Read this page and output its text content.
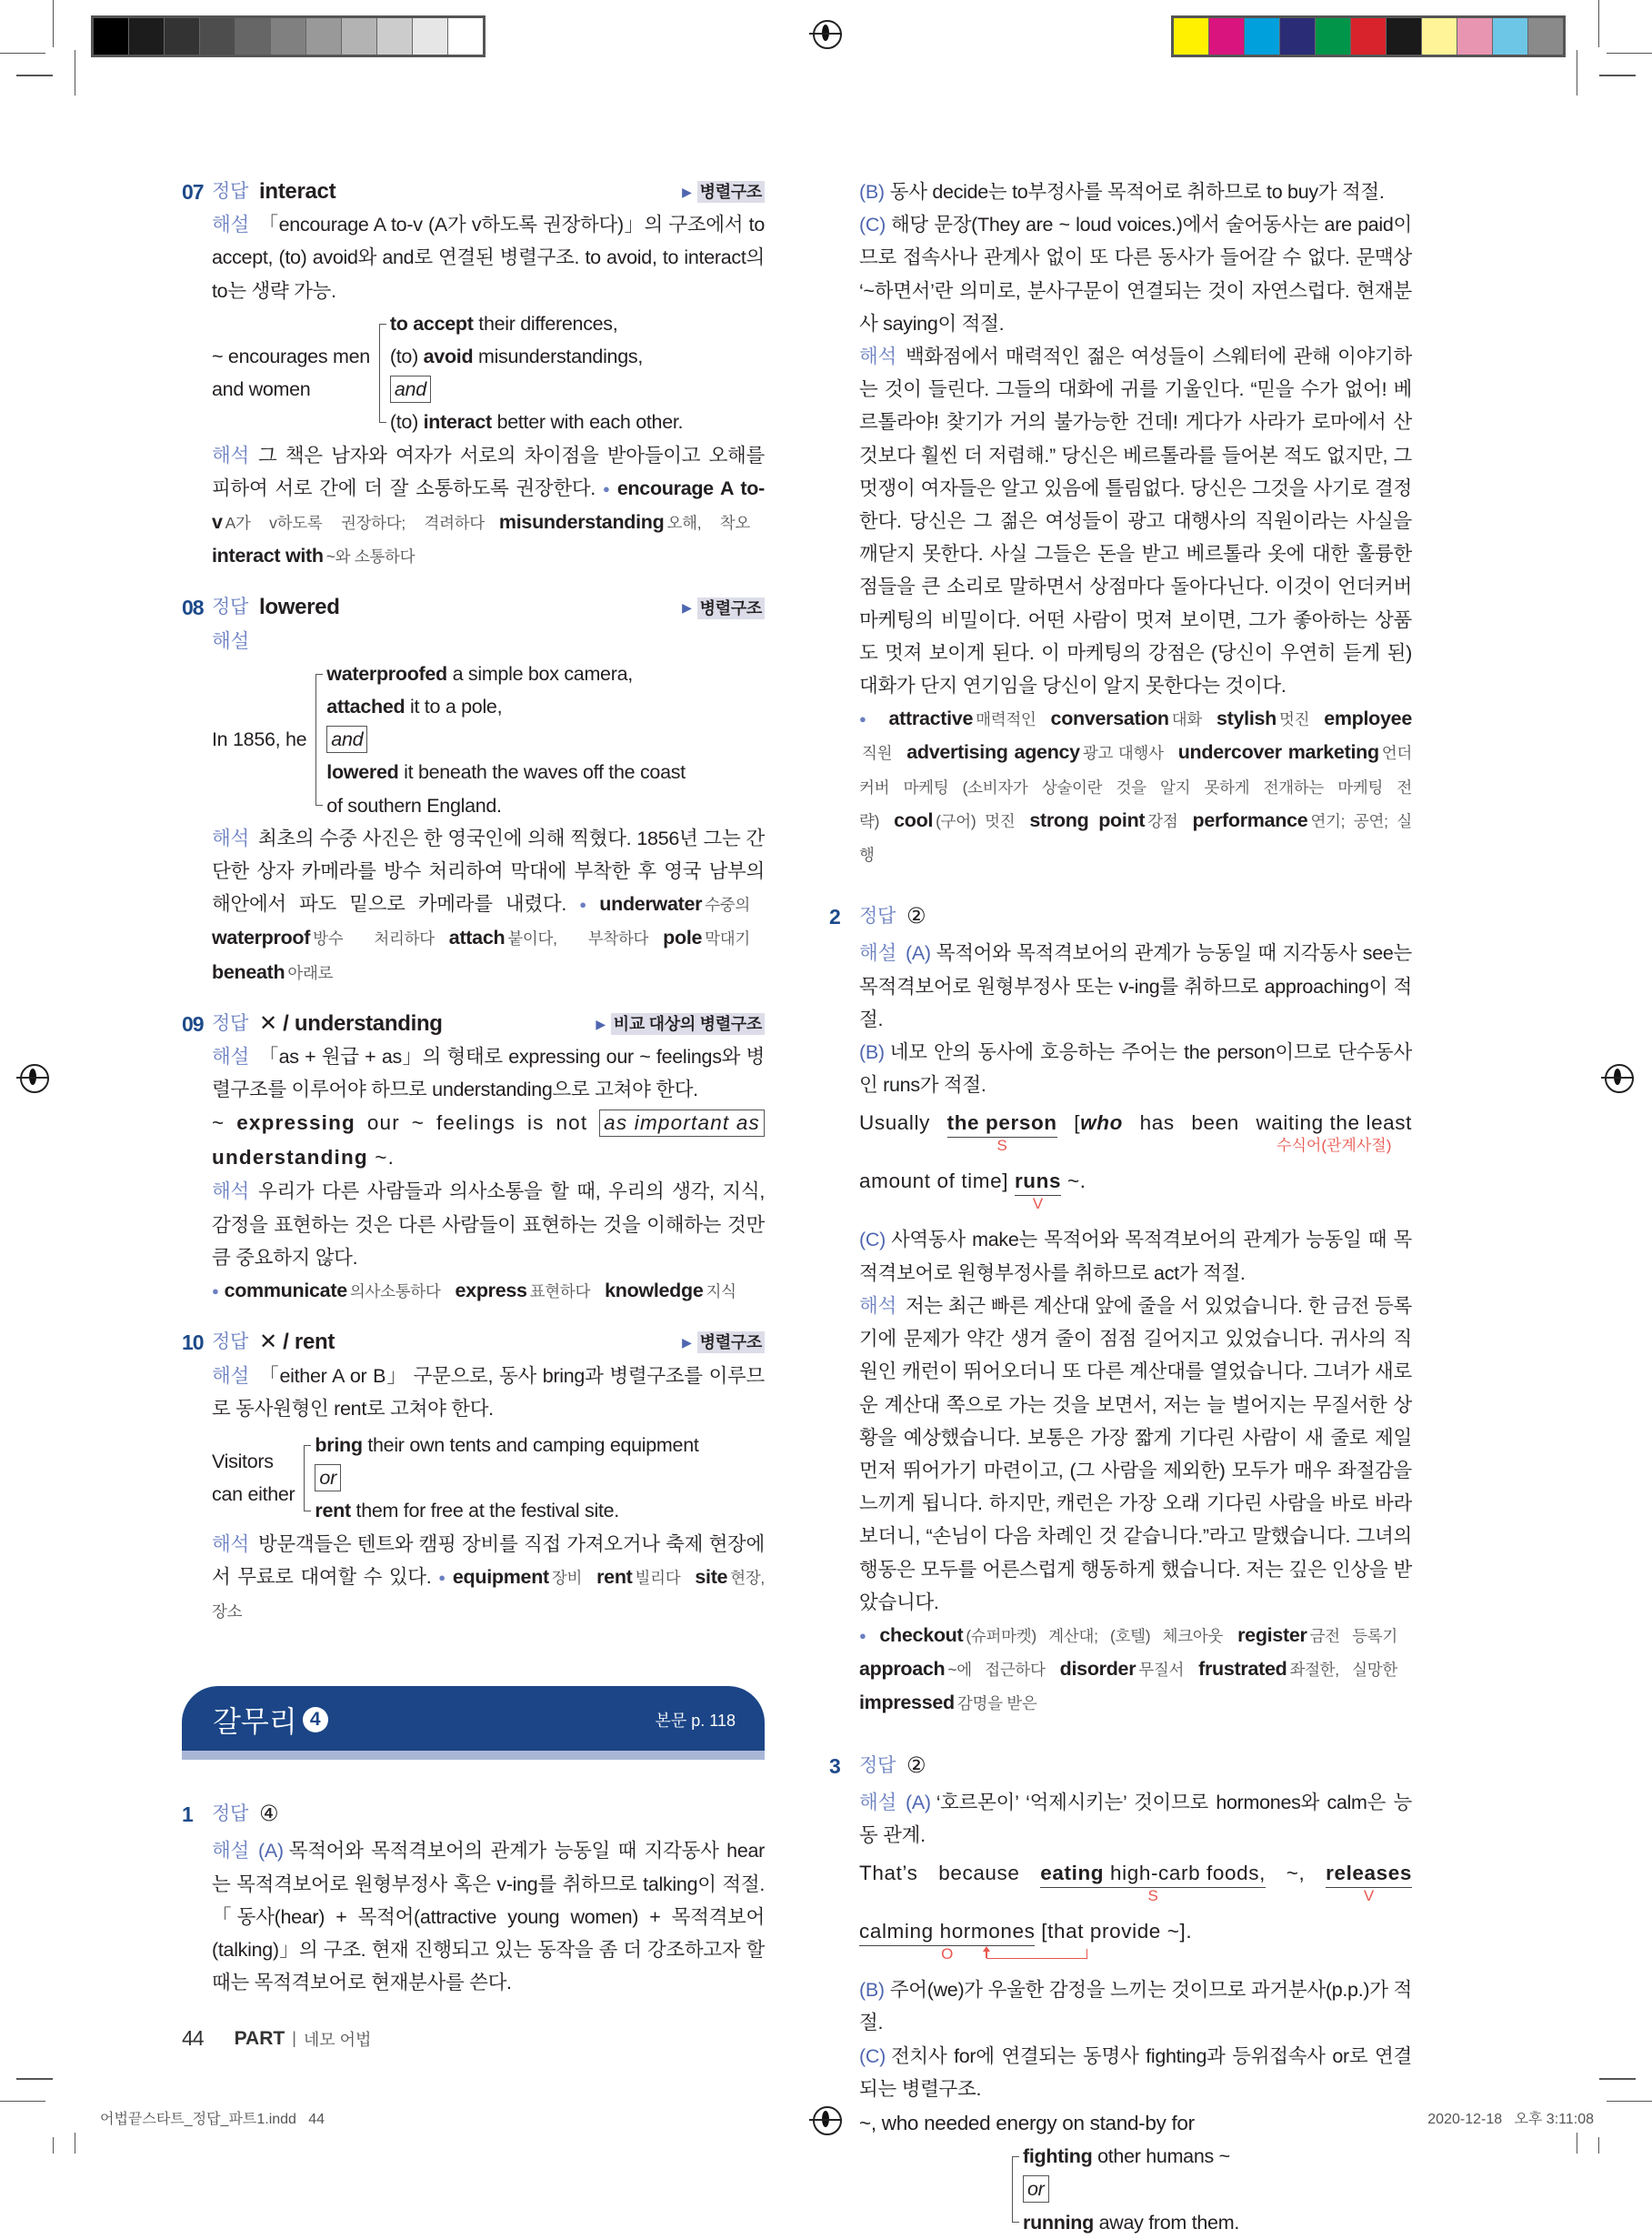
07 정답 interact	▶ 병렬구조

해설 「encourage A to-v (A가 v하도록 권장하다)」의 구조에서 to accept, (to) avoid와 and로 연결된 병렬구조. to avoid, to interact의 to는 생략 가능.

~ encourages men
and women
to accept their differences,
(to) avoid misunderstandings,
and
(to) interact better with each other.

해석 그 책은 남자와 여자가 서로의 차이점을 받아들이고 오해를 피하여 서로 간에 더 잘 소통하도록 권장한다. ● encourage A to-v A가 v하도록 권장하다; 격려하다 misunderstanding 오해, 착오interact with ~와 소통하다

08 정답 lowered	▶ 병렬구조

해설

In 1856, he
waterproofed a simple box camera,
attached it to a pole,
and
lowered it beneath the waves off the coast
of southern England.

해석 최초의 수중 사진은 한 영국인에 의해 찍혔다. 1856년 그는 간단한 상자 카메라를 방수 처리하여 막대에 부착한 후 영국 남부의 해안에서 파도 밑으로 카메라를 내렸다. ● underwater 수중의waterproof 방수 처리하다 attach 붙이다, 부착하다 pole 막대기beneath 아래로

09 정답 ✕ / understanding	▶ 비교 대상의 병렬구조

해설 「as + 원급 + as」의 형태로 expressing our ~ feelings와 병렬구조를 이루어야 하므로 understanding으로 고쳐야 한다.

~ expressing our ~ feelings is not as important as understanding ~.

해석 우리가 다른 사람들과 의사소통을 할 때, 우리의 생각, 지식, 감정을 표현하는 것은 다른 사람들이 표현하는 것을 이해하는 것만큼 중요하지 않다.

● communicate 의사소통하다 express 표현하다 knowledge 지식

10 정답 ✕ / rent	▶ 병렬구조

해설 「either A or B」 구문으로, 동사 bring과 병렬구조를 이루므로 동사원형인 rent로 고쳐야 한다.

Visitors
can either
bring their own tents and camping equipment
or
rent them for free at the festival site.

해석 방문객들은 텐트와 캠핑 장비를 직접 가져오거나 축제 현장에서 무료로 대여할 수 있다. ● equipment 장비 rent 빌리다 site 현장, 장소

갈무리 4	본문 p. 118
1	정답 ④

해설 (A) 목적어와 목적격보어의 관계가 능동일 때 지각동사 hear는 목적격보어로 원형부정사 혹은 v-ing를 취하므로 talking이 적절. 「동사(hear) + 목적어(attractive young women) + 목적격보어(talking)」의 구조. 현재 진행되고 있는 동작을 좀 더 강조하고자 할 때는 목적격보어로 현재분사를 쓴다.

44 PART | 네모 어법

(B) 동사 decide는 to부정사를 목적어로 취하므로 to buy가 적절.

(C) 해당 문장(They are ~ loud voices.)에서 술어동사는 are paid이므로 접속사나 관계사 없이 또 다른 동사가 들어갈 수 없다. 문맥상 ‘~하면서’란 의미로, 분사구문이 연결되는 것이 자연스럽다. 현재분사 saying이 적절.

해석 백화점에서 매력적인 젊은 여성들이 스웨터에 관해 이야기하는 것이 들린다. 그들의 대화에 귀를 기울인다. “믿을 수가 없어! 베르톨라야! 찾기가 거의 불가능한 건데! 게다가 사라가 로마에서 산 것보다 훨씬 더 저렴해.” 당신은 베르톨라를 들어본 적도 없지만, 그 멋쟁이 여자들은 알고 있음에 틀림없다. 당신은 그것을 사기로 결정한다. 당신은 그 젊은 여성들이 광고 대행사의 직원이라는 사실을 깨닫지 못한다. 사실 그들은 돈을 받고 베르톨라 옷에 대한 훌륭한 점들을 큰 소리로 말하면서 상점마다 돌아다닌다. 이것이 언더커버 마케팅의 비밀이다. 어떤 사람이 멋져 보이면, 그가 좋아하는 상품도 멋져 보이게 된다. 이 마케팅의 강점은 (당신이 우연히 듣게 된) 대화가 단지 연기임을 당신이 알지 못한다는 것이다.

● attractive 매력적인 conversation 대화 stylish 멋진 employee직원 advertising agency 광고 대행사 undercover marketing 언더커버 마케팅 (소비자가 상술이란 것을 알지 못하게 전개하는 마케팅 전략) cool (구어) 멋진 strong point 강점 performance 연기; 공연; 실행

2	정답 ②

해설 (A) 목적어와 목적격보어의 관계가 능동일 때 지각동사 see는 목적격보어로 원형부정사 또는 v-ing를 취하므로 approaching이 적절.

(B) 네모 안의 동사에 호응하는 주어는 the person이므로 단수동사인 runs가 적절.

Usually the person
S
[who has been waiting the least
수식어(관계사절)
amount of time] runs
V
~.

(C) 사역동사 make는 목적어와 목적격보어의 관계가 능동일 때 목적격보어로 원형부정사를 취하므로 act가 적절.

해석 저는 최근 빠른 계산대 앞에 줄을 서 있었습니다. 한 금전 등록기에 문제가 약간 생겨 줄이 점점 길어지고 있었습니다. 귀사의 직원인 캐런이 뛰어오더니 또 다른 계산대를 열었습니다. 그녀가 새로운 계산대 쪽으로 가는 것을 보면서, 저는 늘 벌어지는 무질서한 상황을 예상했습니다. 보통은 가장 짧게 기다린 사람이 새 줄로 제일 먼저 뛰어가기 마련이고, (그 사람을 제외한) 모두가 매우 좌절감을 느끼게 됩니다. 하지만, 캐런은 가장 오래 기다린 사람을 바로 바라보더니, “손님이 다음 차례인 것 같습니다.”라고 말했습니다. 그녀의 행동은 모두를 어른스럽게 행동하게 했습니다. 저는 깊은 인상을 받았습니다.

● checkout (슈퍼마켓) 계산대; (호텔) 체크아웃 register 금전 등록기approach ~에 접근하다 disorder 무질서 frustrated 좌절한, 실망한impressed 감명을 받은

3	정답 ②

해설 (A) ‘호르몬이’ ‘억제시키는’ 것이므로 hormones와 calm은 능동 관계.

That’s because eating high-carb foods,
S
~, releases
V
calming hormones
O
[that provide ~].

(B) 주어(we)가 우울한 감정을 느끼는 것이므로 과거분사(p.p.)가 적절.

(C) 전치사 for에 연결되는 동명사 fighting과 등위접속사 or로 연결되는 병렬구조.

~, who needed energy on stand-by for

fighting other humans ~
or
running away from them.
어법끝스타트_정답_파트1.indd   44	2020-12-18   오후 3:11:08
